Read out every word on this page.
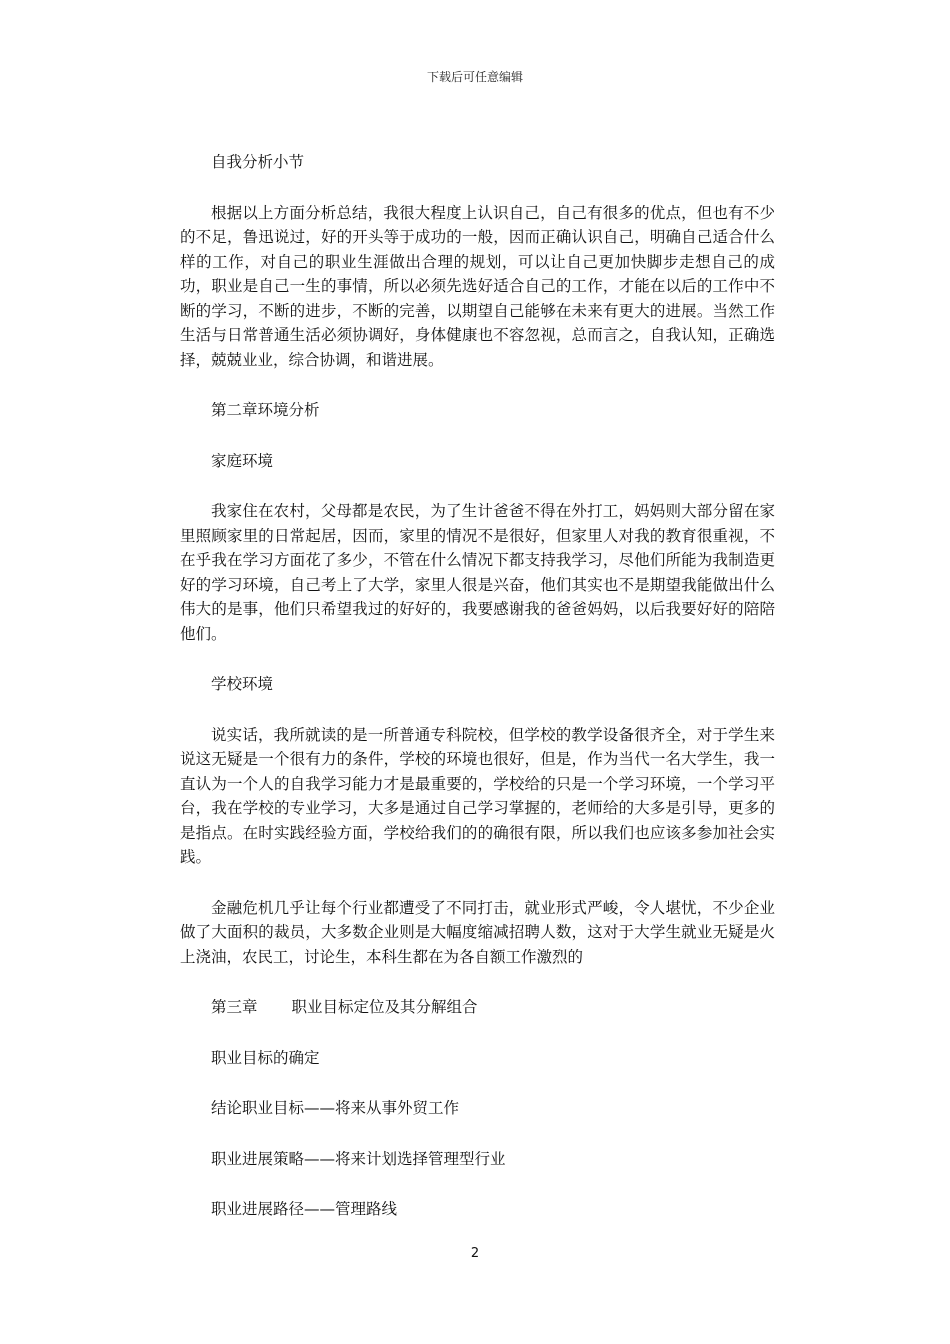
下载后可任意编辑

自我分析小节

根据以上方面分析总结，我很大程度上认识自己，自己有很多的优点，但也有不少的不足，鲁迅说过，好的开头等于成功的一般，因而正确认识自己，明确自己适合什么样的工作，对自己的职业生涯做出合理的规划，可以让自己更加快脚步走想自己的成功，职业是自己一生的事情，所以必须先选好适合自己的工作，才能在以后的工作中不断的学习，不断的进步，不断的完善，以期望自己能够在未来有更大的进展。当然工作生活与日常普通生活必须协调好，身体健康也不容忽视，总而言之，自我认知，正确选择，兢兢业业，综合协调，和谐进展。

第二章环境分析

家庭环境

我家住在农村，父母都是农民，为了生计爸爸不得在外打工，妈妈则大部分留在家里照顾家里的日常起居，因而，家里的情况不是很好，但家里人对我的教育很重视，不在乎我在学习方面花了多少，不管在什么情况下都支持我学习，尽他们所能为我制造更好的学习环境，自己考上了大学，家里人很是兴奋，他们其实也不是期望我能做出什么伟大的是事，他们只希望我过的好好的，我要感谢我的爸爸妈妈，以后我要好好的陪陪他们。

学校环境

说实话，我所就读的是一所普通专科院校，但学校的教学设备很齐全，对于学生来说这无疑是一个很有力的条件，学校的环境也很好，但是，作为当代一名大学生，我一直认为一个人的自我学习能力才是最重要的，学校给的只是一个学习环境，一个学习平台，我在学校的专业学习，大多是通过自己学习掌握的，老师给的大多是引导，更多的是指点。在时实践经验方面，学校给我们的的确很有限，所以我们也应该多参加社会实践。

金融危机几乎让每个行业都遭受了不同打击，就业形式严峻，令人堪忧，不少企业做了大面积的裁员，大多数企业则是大幅度缩减招聘人数，这对于大学生就业无疑是火上浇油，农民工，讨论生，本科生都在为各自额工作激烈的

第三章 职业目标定位及其分解组合

职业目标的确定

结论职业目标——将来从事外贸工作

职业进展策略——将来计划选择管理型行业

职业进展路径——管理路线

2
